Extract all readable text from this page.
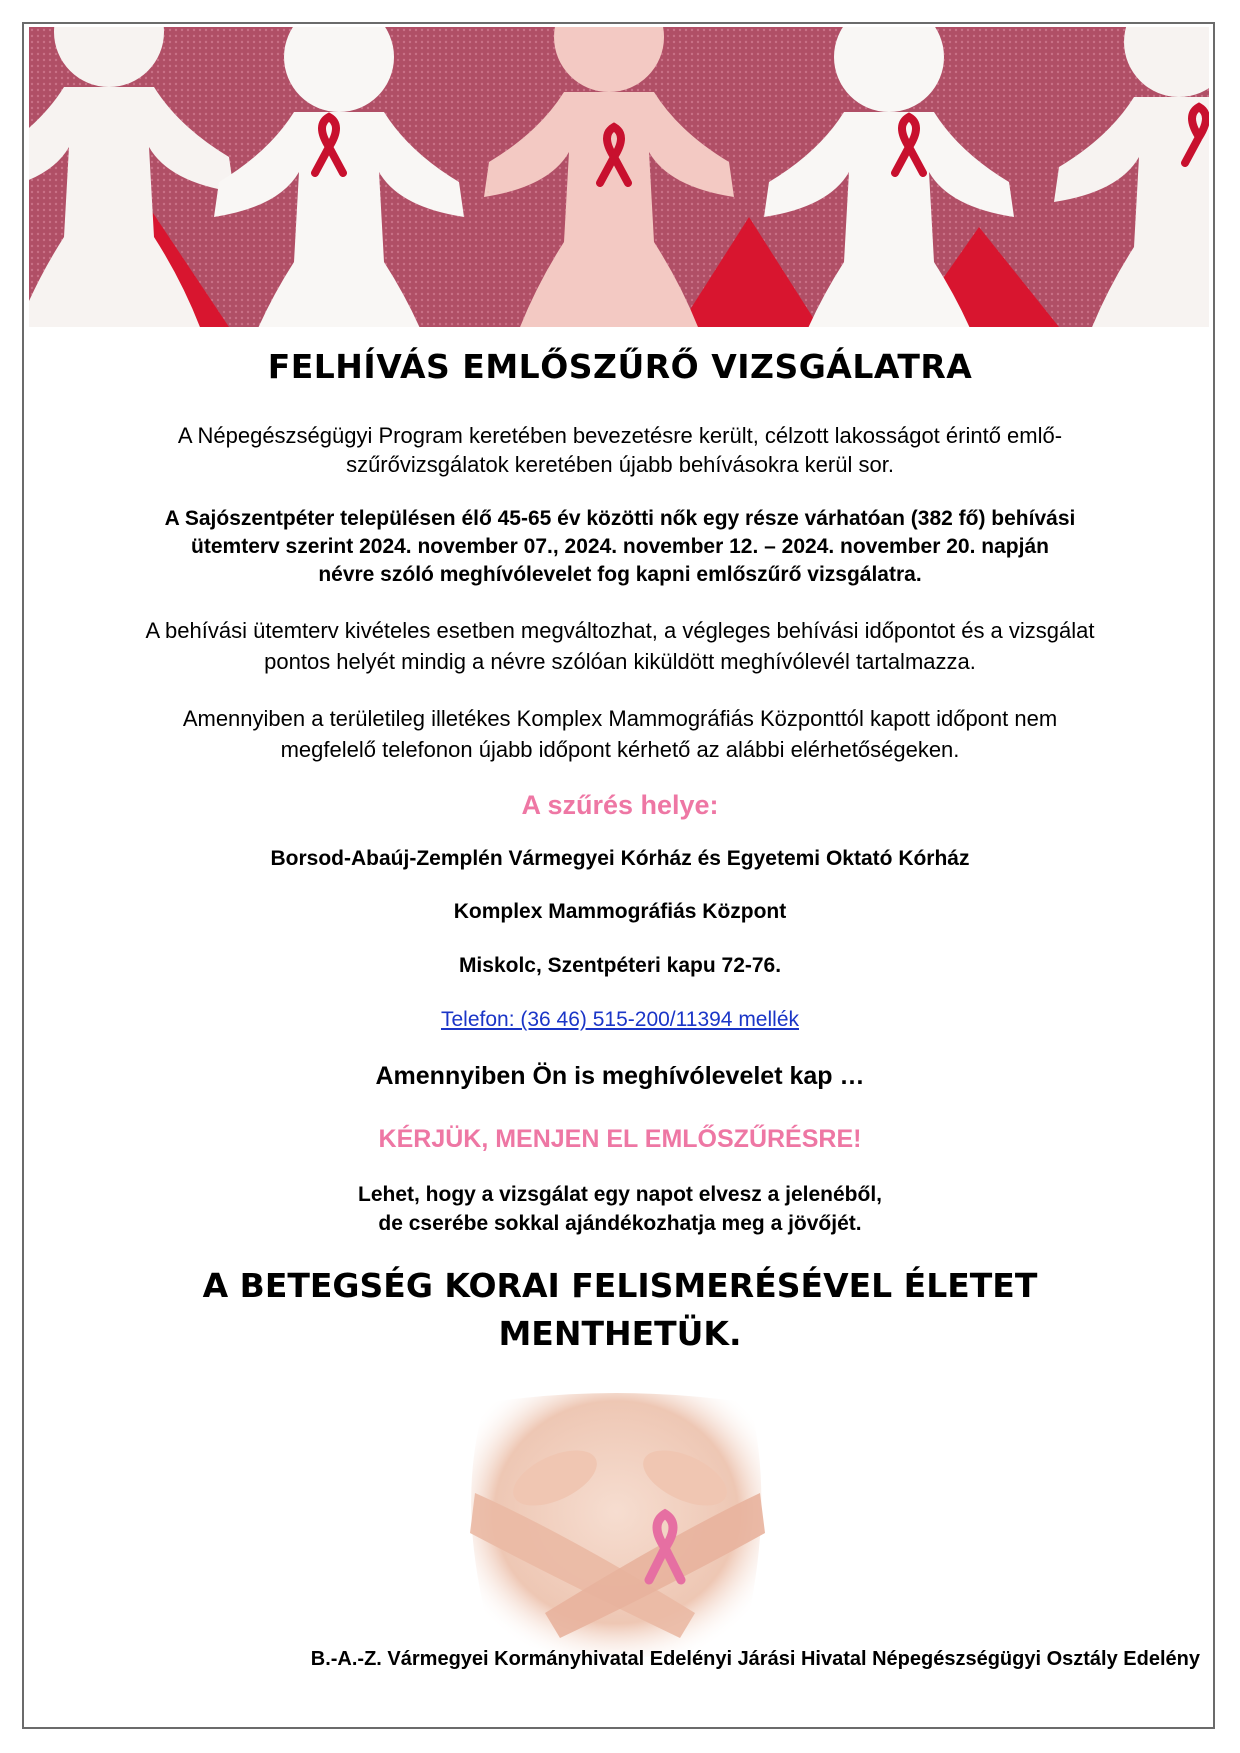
FELHÍVÁS EMLŐSZŰRŐ VIZSGÁLATRA
A Népegészségügyi Program keretében bevezetésre került, célzott lakosságot érintő emlő-
szűrővizsgálatok keretében újabb behívásokra kerül sor.
A Sajószentpéter településen élő 45-65 év közötti nők egy része várhatóan (382 fő) behívási
ütemterv szerint 2024. november 07., 2024. november 12. – 2024. november 20. napján
névre szóló meghívólevelet fog kapni emlőszűrő vizsgálatra.
A behívási ütemterv kivételes esetben megváltozhat, a végleges behívási időpontot és a vizsgálat
pontos helyét mindig a névre szólóan kiküldött meghívólevél tartalmazza.
Amennyiben a területileg illetékes Komplex Mammográfiás Központtól kapott időpont nem
megfelelő telefonon újabb időpont kérhető az alábbi elérhetőségeken.
A szűrés helye:
Borsod-Abaúj-Zemplén Vármegyei Kórház és Egyetemi Oktató Kórház
Komplex Mammográfiás Központ
Miskolc, Szentpéteri kapu 72-76.
Telefon: (36 46) 515-200/11394 mellék
Amennyiben Ön is meghívólevelet kap …
KÉRJÜK, MENJEN EL EMLŐSZŰRÉSRE!
Lehet, hogy a vizsgálat egy napot elvesz a jelenéből,
de cserébe sokkal ajándékozhatja meg a jövőjét.
A BETEGSÉG KORAI FELISMERÉSÉVEL ÉLETET
MENTHETÜK.
B.-A.-Z. Vármegyei Kormányhivatal Edelényi Járási Hivatal Népegészségügyi Osztály Edelény
